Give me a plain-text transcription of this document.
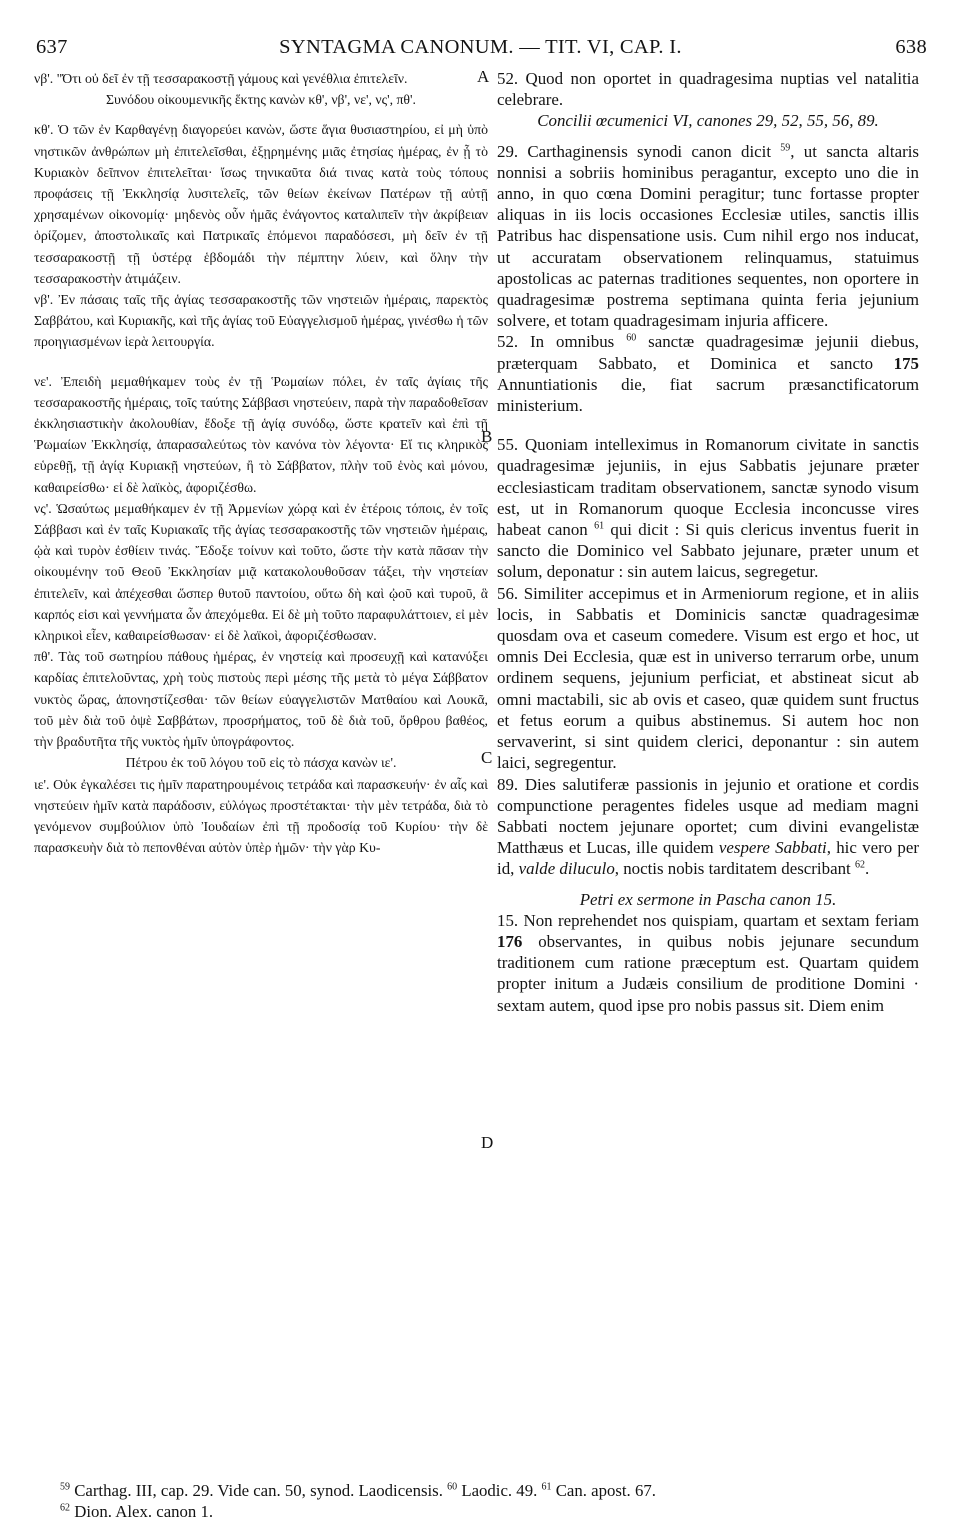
637	SYNTAGMA CANONUM. — TIT. VI, CAP. I.	638

νβ'. "Ότι οὐ δεῖ ἐν τῇ τεσσαρακοστῇ γάμους καὶ γενέθλια ἐπιτελεῖν.

Συνόδου οἰκουμενικῆς ἕκτης κανὼν κθ', νβ', νε', νς', πθ'.

κθ'. Ὁ τῶν ἐν Καρθαγένῃ διαγορεύει κανὼν, ὥστε ἅγια θυσιαστηρίου, εἰ μὴ ὑπὸ νηστικῶν ἀνθρώπων μὴ ἐπιτελεῖσθαι, ἐξῃρημένης μιᾶς ἐτησίας ἡμέρας, ἐν ᾗ τὸ Κυριακὸν δεῖπνον ἐπιτελεῖται· ἴσως τηνικαῦτα διά τινας κατὰ τοὺς τόπους προφάσεις τῇ Ἐκκλησίᾳ λυσιτελεῖς, τῶν θείων ἐκείνων Πατέρων τῇ αὐτῇ χρησαμένων οἰκονομίᾳ· μηδενὸς οὖν ἡμᾶς ἐνάγοντος καταλιπεῖν τὴν ἀκρίβειαν ὁρίζομεν, ἀποστολικαῖς καὶ Πατρικαῖς ἑπόμενοι παραδόσεσι, μὴ δεῖν ἐν τῇ τεσσαρακοστῇ τῇ ὑστέρᾳ ἑβδομάδι τὴν πέμπτην λύειν, καὶ ὅλην τὴν τεσσαρακοστὴν ἀτιμάζειν.

νβ'. Ἐν πάσαις ταῖς τῆς ἁγίας τεσσαρακοστῆς τῶν νηστειῶν ἡμέραις, παρεκτὸς Σαββάτου, καὶ Κυριακῆς, καὶ τῆς ἁγίας τοῦ Εὐαγγελισμοῦ ἡμέρας, γινέσθω ἡ τῶν προηγιασμένων ἱερὰ λειτουργία.

νε'. Ἐπειδὴ μεμαθήκαμεν τοὺς ἐν τῇ Ῥωμαίων πόλει, ἐν ταῖς ἁγίαις τῆς τεσσαρακοστῆς ἡμέραις, τοῖς ταύτης Σάββασι νηστεύειν, παρὰ τὴν παραδοθεῖσαν ἐκκλησιαστικὴν ἀκολουθίαν, ἔδοξε τῇ ἁγίᾳ συνόδῳ, ὥστε κρατεῖν καὶ ἐπὶ τῇ Ῥωμαίων Ἐκκλησίᾳ, ἀπαρασαλεύτως τὸν κανόνα τὸν λέγοντα· Εἴ τις κληρικὸς εὑρεθῇ, τῇ ἁγίᾳ Κυριακῇ νηστεύων, ἢ τὸ Σάββατον, πλὴν τοῦ ἑνὸς καὶ μόνου, καθαιρείσθω· εἰ δὲ λαϊκὸς, ἀφοριζέσθω.

νς'. Ὡσαύτως μεμαθήκαμεν ἐν τῇ Ἀρμενίων χώρᾳ καὶ ἐν ἑτέροις τόποις, ἐν τοῖς Σάββασι καὶ ἐν ταῖς Κυριακαῖς τῆς ἁγίας τεσσαρακοστῆς τῶν νηστειῶν ἡμέραις, ᾠὰ καὶ τυρὸν ἐσθίειν τινάς. Ἔδοξε τοίνυν καὶ τοῦτο, ὥστε τὴν κατὰ πᾶσαν τὴν οἰκουμένην τοῦ Θεοῦ Ἐκκλησίαν μιᾷ κατακολουθοῦσαν τάξει, τὴν νηστείαν ἐπιτελεῖν, καὶ ἀπέχεσθαι ὥσπερ θυτοῦ παντοίου, οὕτω δὴ καὶ ᾠοῦ καὶ τυροῦ, ἃ καρπός εἰσι καὶ γεννήματα ὧν ἀπεχόμεθα. Εἰ δὲ μὴ τοῦτο παραφυλάττοιεν, εἰ μὲν κληρικοὶ εἶεν, καθαιρείσθωσαν· εἰ δὲ λαϊκοὶ, ἀφοριζέσθωσαν.

πθ'. Τὰς τοῦ σωτηρίου πάθους ἡμέρας, ἐν νηστείᾳ καὶ προσευχῇ καὶ κατανύξει καρδίας ἐπιτελοῦντας, χρὴ τοὺς πιστοὺς περὶ μέσης τῆς μετὰ τὸ μέγα Σάββατον νυκτὸς ὥρας, ἀπονηστίζεσθαι· τῶν θείων εὐαγγελιστῶν Ματθαίου καὶ Λουκᾶ, τοῦ μὲν διὰ τοῦ ὀψὲ Σαββάτων, προσρήματος, τοῦ δὲ διὰ τοῦ, ὄρθρου βαθέος, τὴν βραδυτῆτα τῆς νυκτὸς ἡμῖν ὑπογράφοντος.

Πέτρου ἐκ τοῦ λόγου τοῦ εἰς τὸ πάσχα κανὼν ιε'.

ιε'. Οὐκ ἐγκαλέσει τις ἡμῖν παρατηρουμένοις τετράδα καὶ παρασκευήν· ἐν αἷς καὶ νηστεύειν ἡμῖν κατὰ παράδοσιν, εὐλόγως προστέτακται· τὴν μὲν τετράδα, διὰ τὸ γενόμενον συμβούλιον ὑπὸ Ἰουδαίων ἐπὶ τῇ προδοσίᾳ τοῦ Κυρίου· τὴν δὲ παρασκευὴν διὰ τὸ πεπονθέναι αὐτὸν ὑπὲρ ἡμῶν· τὴν γὰρ Κυ-

52. Quod non oportet in quadragesima nuptias vel natalitia celebrare.

Concilii œcumenici VI, canones 29, 52, 55, 56, 89.

29. Carthaginensis synodi canon dicit $^{59}$, ut sancta altaris nonnisi a sobriis hominibus peragantur, excepto uno die in anno, in quo cœna Domini peragitur; tunc fortasse propter aliquas in iis locis occasiones Ecclesiæ utiles, sanctis illis Patribus hac dispensatione usis. Cum nihil ergo nos inducat, ut accuratam observationem relinquamus, statuimus apostolicas ac paternas traditiones sequentes, non oportere in quadragesimæ postrema septimana quinta feria jejunium solvere, et totam quadragesimam injuria afficere.

52. In omnibus $^{60}$ sanctæ quadragesimæ jejunii diebus, præterquam Sabbato, et Dominica et sancto 175 Annuntiationis die, fiat sacrum præsanctificatorum ministerium.

55. Quoniam intelleximus in Romanorum civitate in sanctis quadragesimæ jejuniis, in ejus Sabbatis jejunare præter ecclesiasticam traditam observationem, sanctæ synodo visum est, ut in Romanorum quoque Ecclesia inconcusse vires habeat canon $^{61}$ qui dicit : Si quis clericus inventus fuerit in sancto die Dominico vel Sabbato jejunare, præter unum et solum, deponatur : sin autem laicus, segregetur.

56. Similiter accepimus et in Armeniorum regione, et in aliis locis, in Sabbatis et Dominicis sanctæ quadragesimæ quosdam ova et caseum comedere. Visum est ergo et hoc, ut omnis Dei Ecclesia, quæ est in universo terrarum orbe, unum ordinem sequens, jejunium perficiat, et abstineat sicut ab omni mactabili, sic ab ovis et caseo, quæ quidem sunt fructus et fetus eorum a quibus abstinemus. Si autem hoc non servaverint, si sint quidem clerici, deponantur : sin autem laici, segregentur.

89. Dies salutiferæ passionis in jejunio et oratione et cordis compunctione peragentes fideles usque ad mediam magni Sabbati noctem jejunare oportet; cum divini evangelistæ Matthæus et Lucas, ille quidem vespere Sabbati, hic vero per id, valde diluculo, noctis nobis tarditatem describant $^{62}$.

Petri ex sermone in Pascha canon 15.

15. Non reprehendet nos quispiam, quartam et sextam feriam 176 observantes, in quibus nobis jejunare secundum traditionem cum ratione præceptum est. Quartam quidem propter initum a Judæis consilium de proditione Domini · sextam autem, quod ipse pro nobis passus sit. Diem enim

A
B
C
D

$^{59}$ Carthag. III, cap. 29. Vide can. 50, synod. Laodicensis. $^{60}$ Laodic. 49. $^{61}$ Can. apost. 67.

$^{62}$ Dion. Alex. canon 1.
